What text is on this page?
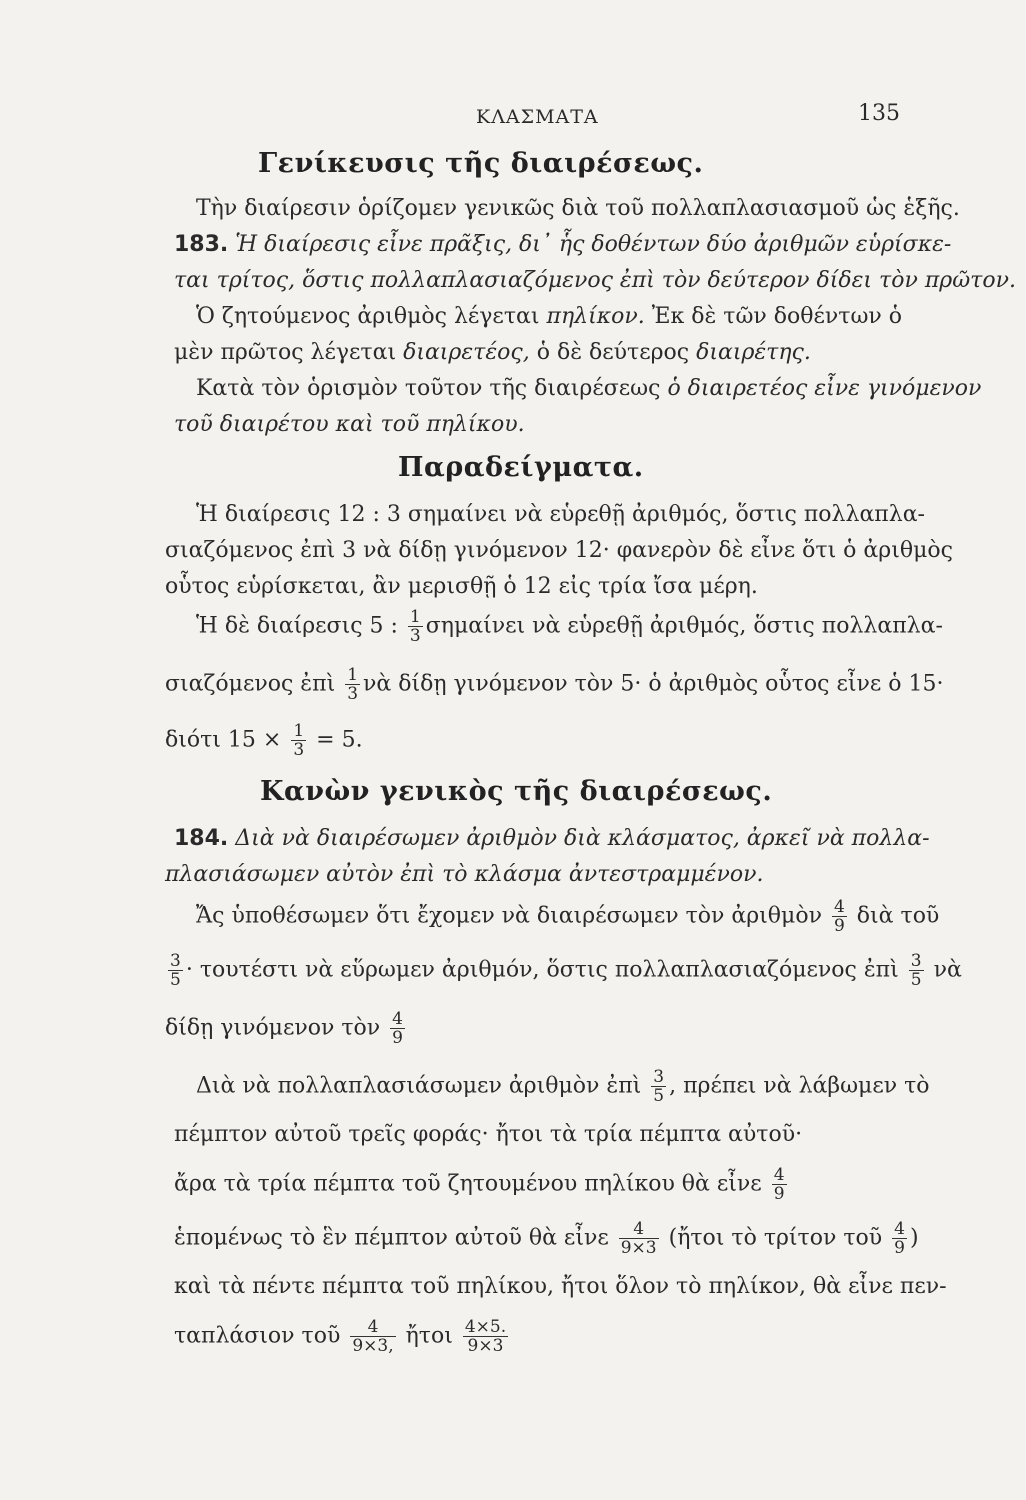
ΚΛΑΣΜΑΤΑ	135
Γενίκευσις τῆς διαιρέσεως.
Τὴν διαίρεσιν ὁρίζομεν γενικῶς διὰ τοῦ πολλαπλασιασμοῦ ὡς ἑξῆς.
183. Ἡ διαίρεσις εἶνε πρᾶξις, δι᾽ ἧς δοθέντων δύο ἀριθμῶν εὑρίσκε-
ται τρίτος, ὅστις πολλαπλασιαζόμενος ἐπὶ τὸν δεύτερον δίδει τὸν πρῶτον.
Ὁ ζητούμενος ἀριθμὸς λέγεται πηλίκον. Ἐκ δὲ τῶν δοθέντων ὁ
μὲν πρῶτος λέγεται διαιρετέος, ὁ δὲ δεύτερος διαιρέτης.
Κατὰ τὸν ὁρισμὸν τοῦτον τῆς διαιρέσεως ὁ διαιρετέος εἶνε γινόμενον
τοῦ διαιρέτου καὶ τοῦ πηλίκου.
Παραδείγματα.
Ἡ διαίρεσις 12 : 3 σημαίνει νὰ εὑρεθῇ ἀριθμός, ὅστις πολλαπλα-
σιαζόμενος ἐπὶ 3 νὰ δίδῃ γινόμενον 12· φανερὸν δὲ εἶνε ὅτι ὁ ἀριθμὸς
οὗτος εὑρίσκεται, ἂν μερισθῇ ὁ 12 εἰς τρία ἴσα μέρη.
Ἡ δὲ διαίρεσις 5 : $\frac{1}{3}$ σημαίνει νὰ εὑρεθῇ ἀριθμός, ὅστις πολλαπλα-
σιαζόμενος ἐπὶ $\frac{1}{3}$ νὰ δίδῃ γινόμενον τὸν 5· ὁ ἀριθμὸς οὗτος εἶνε ὁ 15·
διότι $15 \times \frac{1}{3} = 5$.
Κανὼν γενικὸς τῆς διαιρέσεως.
184. Διὰ νὰ διαιρέσωμεν ἀριθμὸν διὰ κλάσματος, ἀρκεῖ νὰ πολλα-
πλασιάσωμεν αὐτὸν ἐπὶ τὸ κλάσμα ἀντεστραμμένον.
Ἄς ὑποθέσωμεν ὅτι ἔχομεν νὰ διαιρέσωμεν τὸν ἀριθμὸν $\frac{4}{9}$ διὰ τοῦ
$\frac{3}{5} \cdot \tau o\upsilon\tau έ\sigma\tau\iota$ νὰ εὕρωμεν ἀριθμόν, ὅστις πολλαπλασιαζόμενος ἐπὶ $\frac{3}{5}$ νὰ
δίδῃ γινόμενον τὸν $\frac{4}{9}$
Διὰ νὰ πολλαπλασιάσωμεν ἀριθμὸν ἐπὶ $\frac{3}{5}$ , πρέπει νὰ λάβωμεν τὸ
πέμπτον αὐτοῦ τρεῖς φοράς· ἤτοι τὰ τρία πέμπτα αὐτοῦ·
ἄρα τὰ τρία πέμπτα τοῦ ζητουμένου πηλίκου θὰ εἶνε $\frac{4}{9}$
ἑπομένως τὸ ἓν πέμπτον αὐτοῦ θὰ εἶνε $\frac{4}{9\times 3}$ (ἤτοι τὸ τρίτον τοῦ $\frac{4}{9}$ )
καὶ τὰ πέντε πέμπτα τοῦ πηλίκου, ἤτοι ὅλον τὸ πηλίκον, θὰ εἶνε πεν-
ταπλάσιον τοῦ $\frac{4}{9\times 3,}$ ἤτοι $\frac{4\times 5.}{9\times 3}$
